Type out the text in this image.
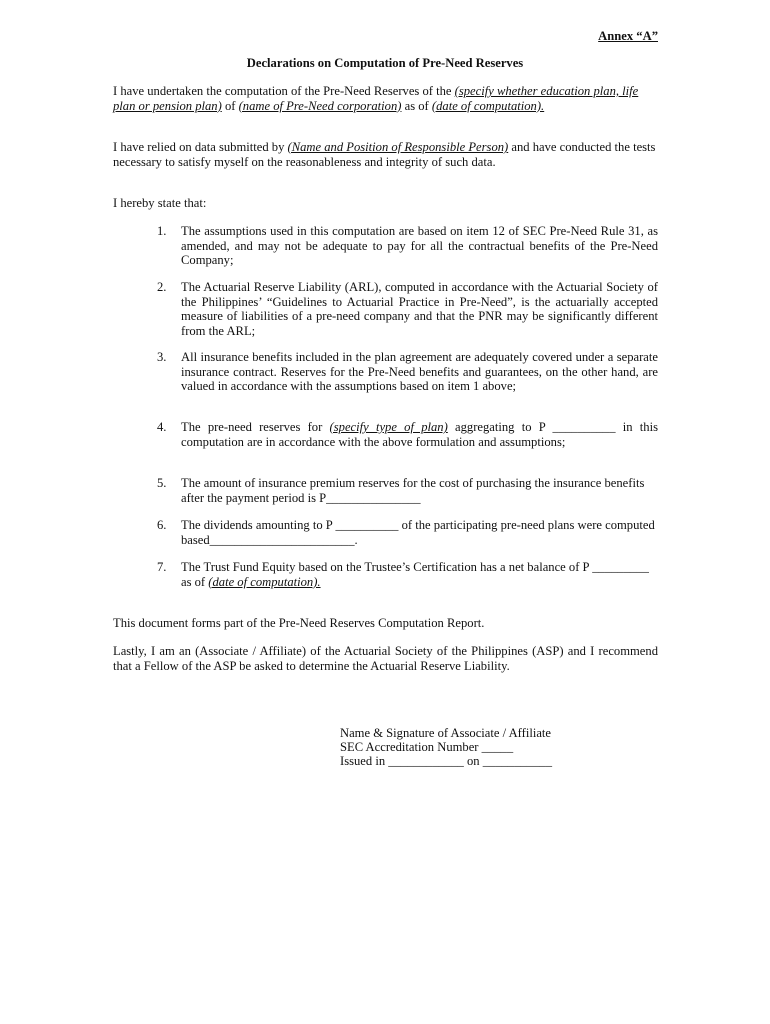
Annex “A”
Declarations on Computation of Pre-Need Reserves

I have undertaken the computation of the Pre-Need Reserves of the (specify whether education plan, life plan or pension plan) of (name of Pre-Need corporation) as of (date of computation).

I have relied on data submitted by (Name and Position of Responsible Person) and have conducted the tests necessary to satisfy myself on the reasonableness and integrity of such data.

I hereby state that:

1. The assumptions used in this computation are based on item 12 of SEC Pre-Need Rule 31, as amended, and may not be adequate to pay for all the contractual benefits of the Pre-Need Company;
2. The Actuarial Reserve Liability (ARL), computed in accordance with the Actuarial Society of the Philippines’ “Guidelines to Actuarial Practice in Pre-Need”, is the actuarially accepted measure of liabilities of a pre-need company and that the PNR may be significantly different from the ARL;
3. All insurance benefits included in the plan agreement are adequately covered under a separate insurance contract. Reserves for the Pre-Need benefits and guarantees, on the other hand, are valued in accordance with the assumptions based on item 1 above;
4. The pre-need reserves for (specify type of plan) aggregating to P __________ in this computation are in accordance with the above formulation and assumptions;
5. The amount of insurance premium reserves for the cost of purchasing the insurance benefits after the payment period is P_______________
6. The dividends amounting to P __________ of the participating pre-need plans were computed based_______________________.
7. The Trust Fund Equity based on the Trustee’s Certification has a net balance of P _________ as of (date of computation).

This document forms part of the Pre-Need Reserves Computation Report.

Lastly, I am an (Associate / Affiliate) of the Actuarial Society of the Philippines (ASP) and I recommend that a Fellow of the ASP be asked to determine the Actuarial Reserve Liability.

Name & Signature of Associate / Affiliate
SEC Accreditation Number _____
Issued in ____________ on ___________
